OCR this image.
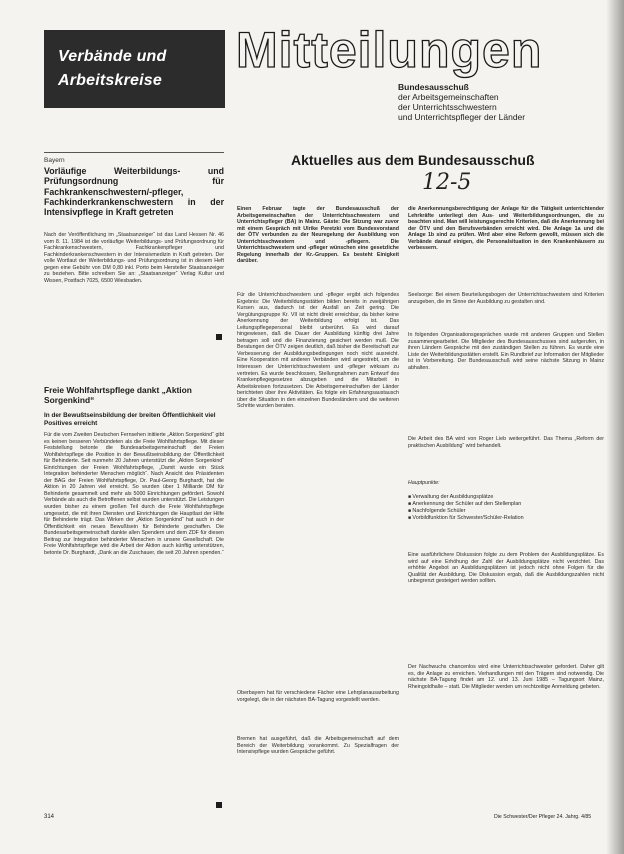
Verbände und
Arbeitskreise
Mitteilungen
Bundesausschuß
der Arbeitsgemeinschaften
der Unterrichtsschwestern
und Unterrichtspfleger der Länder
Bayern
Vorläufige Weiterbildungs- und Prüfungsordnung für Fachkrankenschwestern/-pfleger, Fachkinderkrankenschwestern in der Intensivpflege in Kraft getreten
Nach der Veröffentlichung im „Staatsanzeiger“ ist das Land Hessen Nr. 46 vom 8. 11. 1984 ist die vorläufige Weiterbildungs- und Prüfungsordnung für Fachkrankenschwestern, Fachkrankenpfleger und Fachkinderkrankenschwestern in der Intensivmedizin in Kraft getreten. Der volle Wortlaut der Weiterbildungs- und Prüfungsordnung ist in diesem Heft gegen eine Gebühr von DM 0,80 inkl. Porto beim Hersteller Staatsanzeiger zu beziehen. Bitte schreiben Sie an: „Staatsanzeiger“ Verlag Kultur und Wissen, Postfach 7025, 6500 Wiesbaden.
Freie Wohlfahrtspflege dankt „Aktion Sorgenkind“
In der Bewußtseinsbildung der breiten Öffentlichkeit viel Positives erreicht
Für die vom Zweiten Deutschen Fernsehen initiierte „Aktion Sorgenkind“ gibt es keinen besseren Verbündeten als die Freie Wohlfahrtspflege. Mit dieser Feststellung betonte die Bundesarbeitsgemeinschaft der Freien Wohlfahrtspflege die Position in der Bewußtseinsbildung der Öffentlichkeit für Behinderte. Seit nunmehr 20 Jahren unterstützt die „Aktion Sorgenkind“ Einrichtungen der Freien Wohlfahrtspflege, „Damit wurde ein Stück Integration behinderter Menschen möglich“. Nach Ansicht des Präsidenten der BAG der Freien Wohlfahrtspflege, Dr. Paul-Georg Burghardt, hat die Aktion in 20 Jahren viel erreicht. So wurden über 1 Milliarde DM für Behinderte gesammelt und mehr als 5000 Einrichtungen gefördert. Sowohl Verbände als auch die Betroffenen selbst wurden unterstützt. Die Leistungen wurden bisher zu einem großen Teil durch die Freie Wohlfahrtspflege umgesetzt, die mit ihren Diensten und Einrichtungen die Hauptlast der Hilfe für Behinderte trägt. Das Wirken der „Aktion Sorgenkind“ hat auch in der Öffentlichkeit ein neues Bewußtsein für Behinderte geschaffen. Die Bundesarbeitsgemeinschaft dankte allen Spendern und dem ZDF für diesen Beitrag zur Integration behinderter Menschen in unsere Gesellschaft. Die Freie Wohlfahrtspflege wird die Arbeit der Aktion auch künftig unterstützen, betonte Dr. Burghardt, „Dank an die Zuschauer, die seit 20 Jahren spenden.“
Aktuelles aus dem Bundesausschuß
12-5
Einen Februar tagte der Bundesausschuß der Arbeitsgemeinschaften der Unterrichtsschwestern und Unterrichtspfleger (BA) in Mainz. Gäste: Die Sitzung war zuvor mit einem Gespräch mit Ulrike Peretzki vom Bundesvorstand der ÖTV verbunden zu der Neuregelung der Ausbildung von Unterrichtsschwestern und -pflegern. Die Unterrichtsschwestern und -pfleger wünschen eine gesetzliche Regelung innerhalb der Kr.-Gruppen. Es besteht Einigkeit darüber.
Für die Unterrichtsschwestern und -pfleger ergibt sich folgendes Ergebnis: Die Weiterbildungsstätten bilden bereits in zweijährigen Kursen aus, dadurch ist der Ausfall an Zeit gering. Die Vergütungsgruppe Kr. VII ist nicht direkt erreichbar, da bisher keine Anerkennung der Weiterbildung erfolgt ist. Das Leitungspflegepersonal bleibt unberührt. Es wird darauf hingewiesen, daß die Dauer der Ausbildung künftig drei Jahre betragen soll und die Finanzierung gesichert werden muß. Die Beratungen der ÖTV zeigen deutlich, daß bisher die Bereitschaft zur Verbesserung der Ausbildungsbedingungen noch nicht ausreicht. Eine Kooperation mit anderen Verbänden wird angestrebt, um die Interessen der Unterrichtsschwestern und -pfleger wirksam zu vertreten. Es wurde beschlossen, Stellungnahmen zum Entwurf des Krankenpflegegesetzes abzugeben und die Mitarbeit in Arbeitskreisen fortzusetzen. Die Arbeitsgemeinschaften der Länder berichteten über ihre Aktivitäten. Es folgte ein Erfahrungsaustausch über die Situation in den einzelnen Bundesländern und die weiteren Schritte wurden beraten.
Oberbayern hat für verschiedene Fächer eine Lehrplanausarbeitung vorgelegt, die in der nächsten BA-Tagung vorgestellt werden.
Bremen hat ausgeführt, daß die Arbeitsgemeinschaft auf dem Bereich der Weiterbildung vorankommt. Zu Spezialfragen der Intensivpflege wurden Gespräche geführt.
die Anerkennungsberechtigung der Anlage für die Tätigkeit unterrichtender Lehrkräfte unterliegt den Aus- und Weiterbildungsordnungen, die zu beachten sind. Man will leistungsgerechte Kriterien, daß die Anerkennung bei der ÖTV und den Berufsverbänden erreicht wird. Die Anlage 1a und die Anlage 1b sind zu prüfen. Wird aber eine Reform gewollt, müssen sich die Verbände darauf einigen, die Personalsituation in den Krankenhäusern zu verbessern.
Seelsorge: Bei einem Beurteilungsbogen der Unterrichtsschwestern sind Kriterien anzugeben, die im Sinne der Ausbildung zu gestalten sind.
In folgenden Organisationsgesprächen wurde mit anderen Gruppen und Stellen zusammengearbeitet. Die Mitglieder des Bundesausschusses sind aufgerufen, in ihren Ländern Gespräche mit den zuständigen Stellen zu führen. Es wurde eine Liste der Weiterbildungsstätten erstellt. Ein Rundbrief zur Information der Mitglieder ist in Vorbereitung. Der Bundesausschuß wird seine nächste Sitzung in Mainz abhalten.
Die Arbeit des BA wird von Roger Lieb weitergeführt. Das Thema „Reform der praktischen Ausbildung“ wird behandelt.
Hauptpunkte:
■ Verwaltung der Ausbildungsplätze
■ Anerkennung der Schüler auf den Stellenplan
■ Nachfolgende Schüler
■ Vorbildfunktion für Schwester/Schüler-Relation
Eine ausführlichere Diskussion folgte zu dem Problem der Ausbildungsplätze. Es wird auf eine Erhöhung der Zahl der Ausbildungsplätze nicht verzichtet. Das erhöhte Angebot an Ausbildungsplätzen ist jedoch nicht ohne Folgen für die Qualität der Ausbildung. Die Diskussion ergab, daß die Ausbildungszahlen nicht unbegrenzt gesteigert werden sollten.
Der Nachwuchs chancenlos wird eine Unterrichtsschwester gefordert. Daher gilt es, die Anlage zu erreichen. Verhandlungen mit den Trägern sind notwendig. Die nächste BA-Tagung findet am 12. und 13. Juni 1985 – Tagungsort Mainz, Rheingoldhalle – statt. Die Mitglieder werden um rechtzeitige Anmeldung gebeten.
314	Die Schwester/Der Pfleger 24. Jahrg. 4/85
